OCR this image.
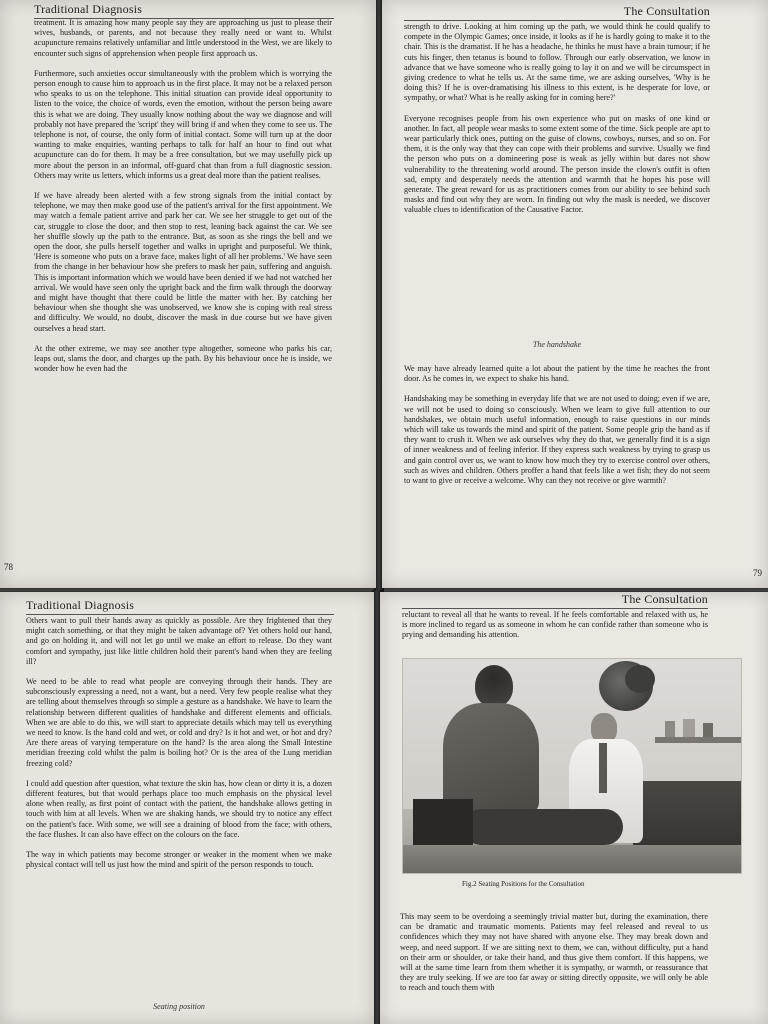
Traditional Diagnosis

treatment. It is amazing how many people say they are approaching us just to please their wives, husbands, or parents, and not because they really need or want to. Whilst acupuncture remains relatively unfamiliar and little understood in the West, we are likely to encounter such signs of apprehension when people first approach us.

Furthermore, such anxieties occur simultaneously with the problem which is worrying the person enough to cause him to approach us in the first place. It may not be a relaxed person who speaks to us on the telephone. This initial situation can provide ideal opportunity to listen to the voice, the choice of words, even the emotion, without the person being aware this is what we are doing. They usually know nothing about the way we diagnose and will probably not have prepared the 'script' they will bring if and when they come to see us. The telephone is not, of course, the only form of initial contact. Some will turn up at the door wanting to make enquiries, wanting perhaps to talk for half an hour to find out what acupuncture can do for them. It may be a free consultation, but we may usefully pick up more about the person in an informal, off-guard chat than from a full diagnostic session. Others may write us letters, which informs us a great deal more than the patient realises.

If we have already been alerted with a few strong signals from the initial contact by telephone, we may then make good use of the patient's arrival for the first appointment. We may watch a female patient arrive and park her car. We see her struggle to get out of the car, struggle to close the door, and then stop to rest, leaning back against the car. We see her shuffle slowly up the path to the entrance. But, as soon as she rings the bell and we open the door, she pulls herself together and walks in upright and purposeful. We think, 'Here is someone who puts on a brave face, makes light of all her problems.' We have seen from the change in her behaviour how she prefers to mask her pain, suffering and anguish. This is important information which we would have been denied if we had not watched her arrival. We would have seen only the upright back and the firm walk through the doorway and might have thought that there could be little the matter with her. By catching her behaviour when she thought she was unobserved, we know she is coping with real stress and difficulty. We would, no doubt, discover the mask in due course but we have given ourselves a head start.

At the other extreme, we may see another type altogether, someone who parks his car, leaps out, slams the door, and charges up the path. By his behaviour once he is inside, we wonder how he even had the

78
The Consultation

strength to drive. Looking at him coming up the path, we would think he could qualify to compete in the Olympic Games; once inside, it looks as if he is hardly going to make it to the chair. This is the dramatist. If he has a headache, he thinks he must have a brain tumour; if he cuts his finger, then tetanus is bound to follow. Through our early observation, we know in advance that we have someone who is really going to lay it on and we will be circumspect in giving credence to what he tells us. At the same time, we are asking ourselves, 'Why is he doing this? If he is over-dramatising his illness to this extent, is he desperate for love, or sympathy, or what? What is he really asking for in coming here?'

Everyone recognises people from his own experience who put on masks of one kind or another. In fact, all people wear masks to some extent some of the time. Sick people are apt to wear particularly thick ones, putting on the guise of clowns, cowboys, nurses, and so on. For them, it is the only way that they can cope with their problems and survive. Usually we find the person who puts on a domineering pose is weak as jelly within but dares not show vulnerability to the threatening world around. The person inside the clown's outfit is often sad, empty and desperately needs the attention and warmth that he hopes his pose will generate. The great reward for us as practitioners comes from our ability to see behind such masks and find out why they are worn. In finding out why the mask is needed, we discover valuable clues to identification of the Causative Factor.

The handshake

We may have already learned quite a lot about the patient by the time he reaches the front door. As he comes in, we expect to shake his hand.

Handshaking may be something in everyday life that we are not used to doing; even if we are, we will not be used to doing so consciously. When we learn to give full attention to our handshakes, we obtain much useful information, enough to raise questions in our minds which will take us towards the mind and spirit of the patient. Some people grip the hand as if they want to crush it. When we ask ourselves why they do that, we generally find it is a sign of inner weakness and of feeling inferior. If they express such weakness by trying to grasp us and gain control over us, we want to know how much they try to exercise control over others, such as wives and children. Others proffer a hand that feels like a wet fish; they do not seem to want to give or receive a welcome. Why can they not receive or give warmth?

79
Traditional Diagnosis

Others want to pull their hands away as quickly as possible. Are they frightened that they might catch something, or that they might be taken advantage of? Yet others hold our hand, and go on holding it, and will not let go until we make an effort to release. Do they want comfort and sympathy, just like little children hold their parent's hand when they are feeling ill?

We need to be able to read what people are conveying through their hands. They are subconsciously expressing a need, not a want, but a need. Very few people realise what they are telling about themselves through so simple a gesture as a handshake. We have to learn the relationship between different qualities of handshake and different elements and officials. When we are able to do this, we will start to appreciate details which may tell us everything we need to know. Is the hand cold and wet, or cold and dry? Is it hot and wet, or hot and dry? Are there areas of varying temperature on the hand? Is the area along the Small Intestine meridian freezing cold whilst the palm is boiling hot? Or is the area of the Lung meridian freezing cold?

I could add question after question, what texture the skin has, how clean or dirty it is, a dozen different features, but that would perhaps place too much emphasis on the physical level alone when really, as first point of contact with the patient, the handshake allows getting in touch with him at all levels. When we are shaking hands, we should try to notice any effect on the patient's face. With some, we will see a draining of blood from the face; with others, the face flushes. It can also have effect on the colours on the face.

The way in which patients may become stronger or weaker in the moment when we make physical contact will tell us just how the mind and spirit of the person responds to touch.

Seating position
The Consultation

reluctant to reveal all that he wants to reveal. If he feels comfortable and relaxed with us, he is more inclined to regard us as someone in whom he can confide rather than someone who is prying and demanding his attention.

Fig.2 Seating Positions for the Consultation

This may seem to be overdoing a seemingly trivial matter but, during the examination, there can be dramatic and traumatic moments. Patients may feel released and reveal to us confidences which they may not have shared with anyone else. They may break down and weep, and need support. If we are sitting next to them, we can, without difficulty, put a hand on their arm or shoulder, or take their hand, and thus give them comfort. If this happens, we will at the same time learn from them whether it is sympathy, or warmth, or reassurance that they are truly seeking. If we are too far away or sitting directly opposite, we will only be able to reach and touch them with
